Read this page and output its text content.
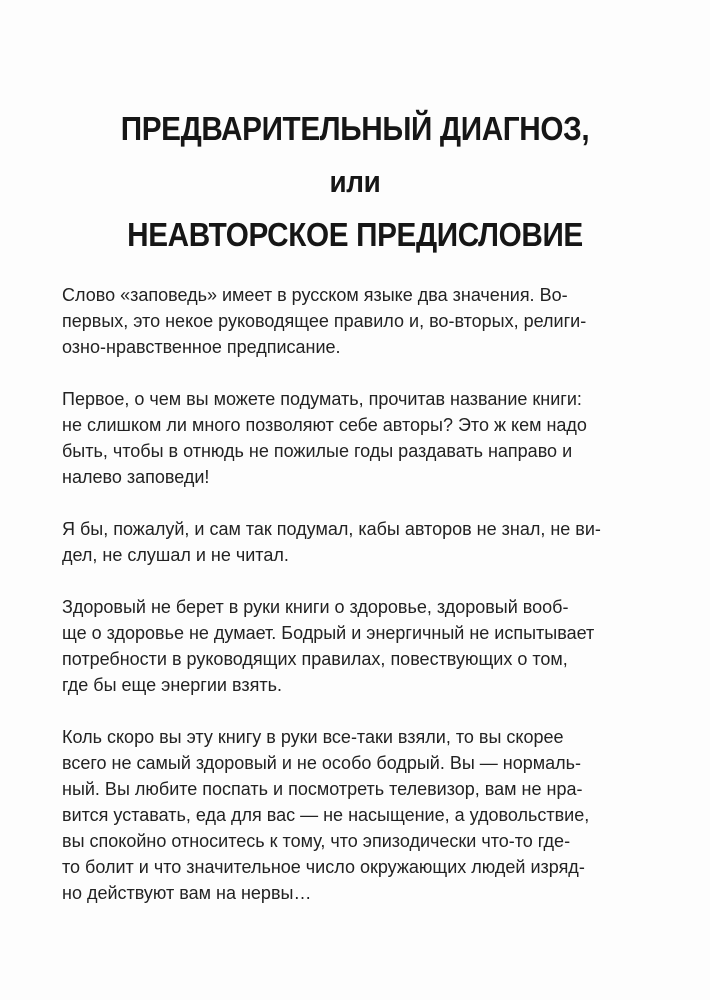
ПРЕДВАРИТЕЛЬНЫЙ ДИАГНОЗ,
или
НЕАВТОРСКОЕ ПРЕДИСЛОВИЕ
Слово «заповедь» имеет в русском языке два значения. Во-
первых, это некое руководящее правило и, во-вторых, религи-
озно-нравственное предписание.
Первое, о чем вы можете подумать, прочитав название книги:
не слишком ли много позволяют себе авторы? Это ж кем надо
быть, чтобы в отнюдь не пожилые годы раздавать направо и
налево заповеди!
Я бы, пожалуй, и сам так подумал, кабы авторов не знал, не ви-
дел, не слушал и не читал.
Здоровый не берет в руки книги о здоровье, здоровый вооб-
ще о здоровье не думает. Бодрый и энергичный не испытывает
потребности в руководящих правилах, повествующих о том,
где бы еще энергии взять.
Коль скоро вы эту книгу в руки все-таки взяли, то вы скорее
всего не самый здоровый и не особо бодрый. Вы — нормаль-
ный. Вы любите поспать и посмотреть телевизор, вам не нра-
вится уставать, еда для вас — не насыщение, а удовольствие,
вы спокойно относитесь к тому, что эпизодически что-то где-
то болит и что значительное число окружающих людей изряд-
но действуют вам на нервы…
